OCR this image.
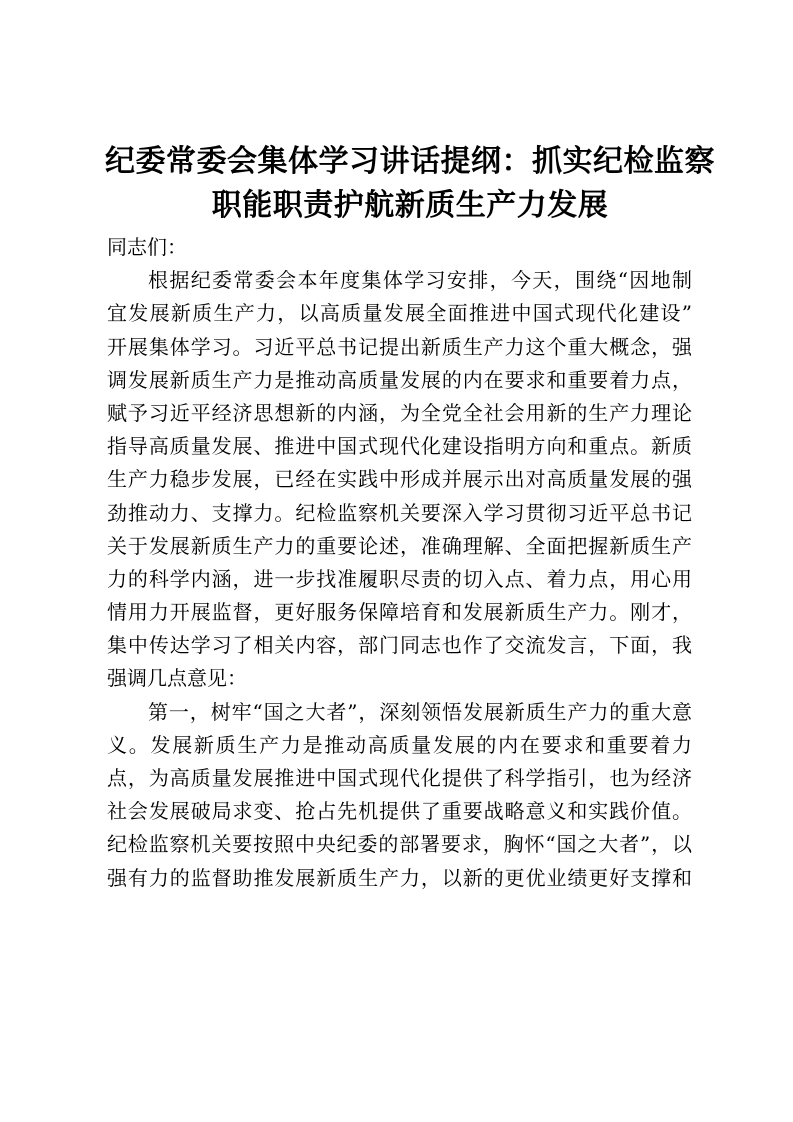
纪委常委会集体学习讲话提纲：抓实纪检监察
职能职责护航新质生产力发展
同志们：
根据纪委常委会本年度集体学习安排，今天，围绕“因地制
宜发展新质生产力，以高质量发展全面推进中国式现代化建设”
开展集体学习。习近平总书记提出新质生产力这个重大概念，强
调发展新质生产力是推动高质量发展的内在要求和重要着力点，
赋予习近平经济思想新的内涵，为全党全社会用新的生产力理论
指导高质量发展、推进中国式现代化建设指明方向和重点。新质
生产力稳步发展，已经在实践中形成并展示出对高质量发展的强
劲推动力、支撑力。纪检监察机关要深入学习贯彻习近平总书记
关于发展新质生产力的重要论述，准确理解、全面把握新质生产
力的科学内涵，进一步找准履职尽责的切入点、着力点，用心用
情用力开展监督，更好服务保障培育和发展新质生产力。刚才，
集中传达学习了相关内容，部门同志也作了交流发言，下面，我
强调几点意见：
第一，树牢“国之大者”，深刻领悟发展新质生产力的重大意
义。发展新质生产力是推动高质量发展的内在要求和重要着力
点，为高质量发展推进中国式现代化提供了科学指引，也为经济
社会发展破局求变、抢占先机提供了重要战略意义和实践价值。
纪检监察机关要按照中央纪委的部署要求，胸怀“国之大者”，以
强有力的监督助推发展新质生产力，以新的更优业绩更好支撑和
